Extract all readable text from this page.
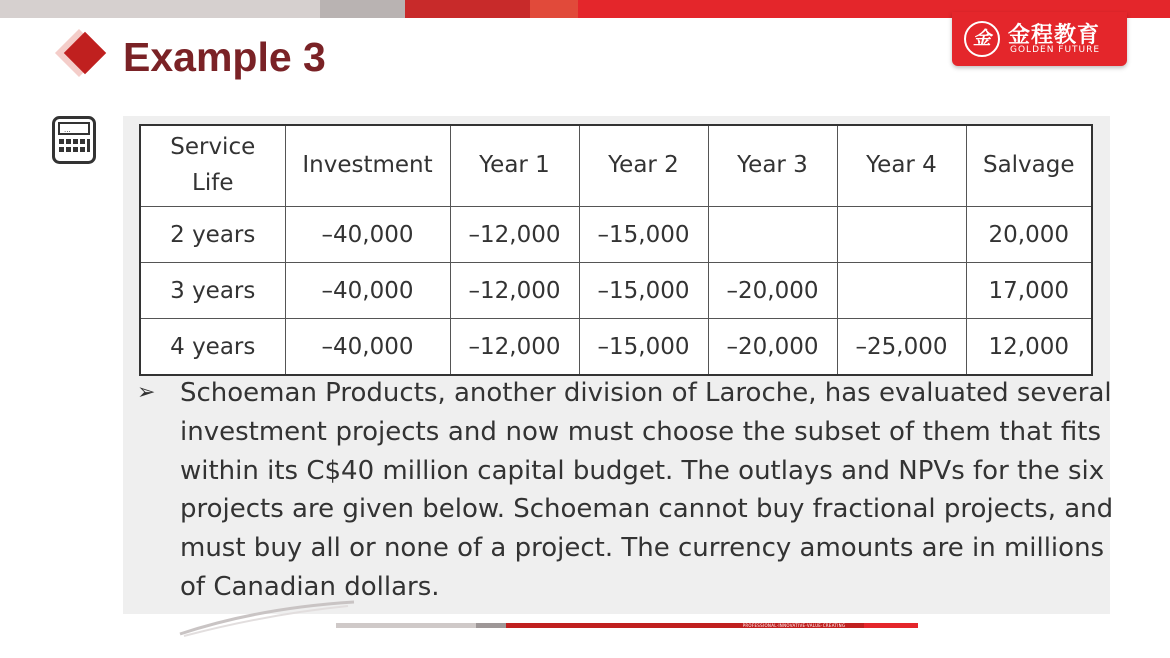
金 金程教育
GOLDEN FUTURE
Example 3
...
Service
Life	Investment	Year 1	Year 2	Year 3	Year 4	Salvage
2 years	–40,000	–12,000	–15,000			20,000
3 years	–40,000	–12,000	–15,000	–20,000		17,000
4 years	–40,000	–12,000	–15,000	–20,000	–25,000	12,000
➢ Schoeman Products, another division of Laroche, has evaluated several
investment projects and now must choose the subset of them that fits
within its C$40 million capital budget. The outlays and NPVs for the six
projects are given below. Schoeman cannot buy fractional projects, and
must buy all or none of a project. The currency amounts are in millions
of Canadian dollars.
PROFESSIONAL·INNOVATIVE·VALUE·CREATING
